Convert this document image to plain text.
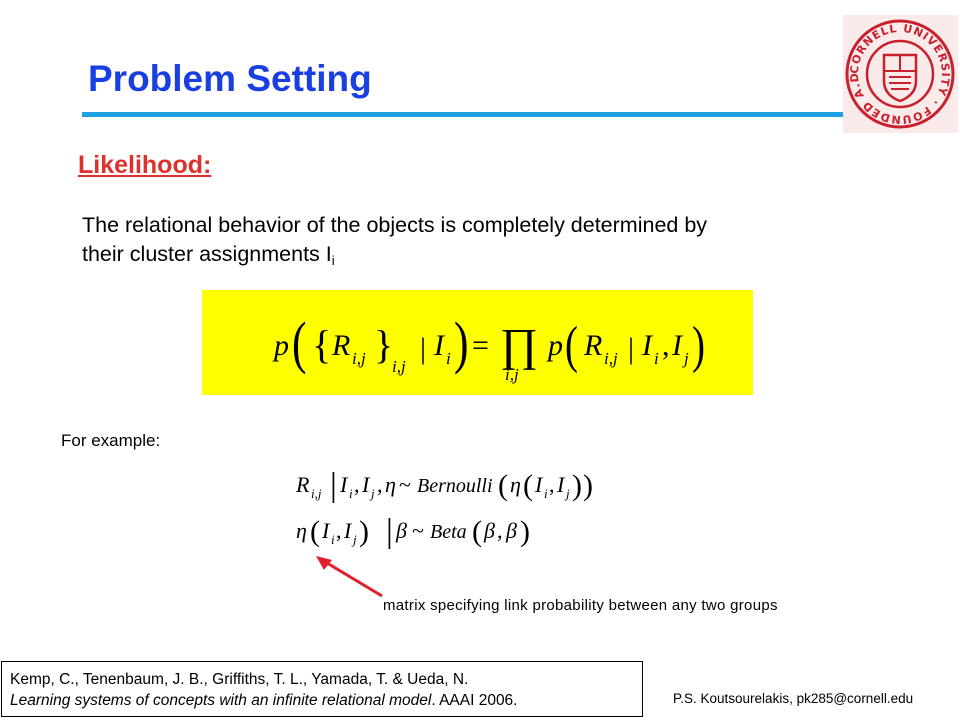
Problem Setting	CORNELL UNIVERSITY · FOUNDED A.D
Likelihood:
The relational behavior of the objects is completely determined by
their cluster assignments $I_i$
p ( { R i,j }
i,j
| I i ) = ∏
i,j
p ( R i,j | I i , I j )
For example:
R i,j | I i , I j , η ~ Bernoulli ( η ( I i , I j ) )
η ( I i , I j ) | β ~ Beta ( β , β )
matrix specifying link probability between any two groups
Kemp, C., Tenenbaum, J. B., Griffiths, T. L., Yamada, T. & Ueda, N.
Learning systems of concepts with an infinite relational model. AAAI 2006.	P.S. Koutsourelakis, pk285@cornell.edu
